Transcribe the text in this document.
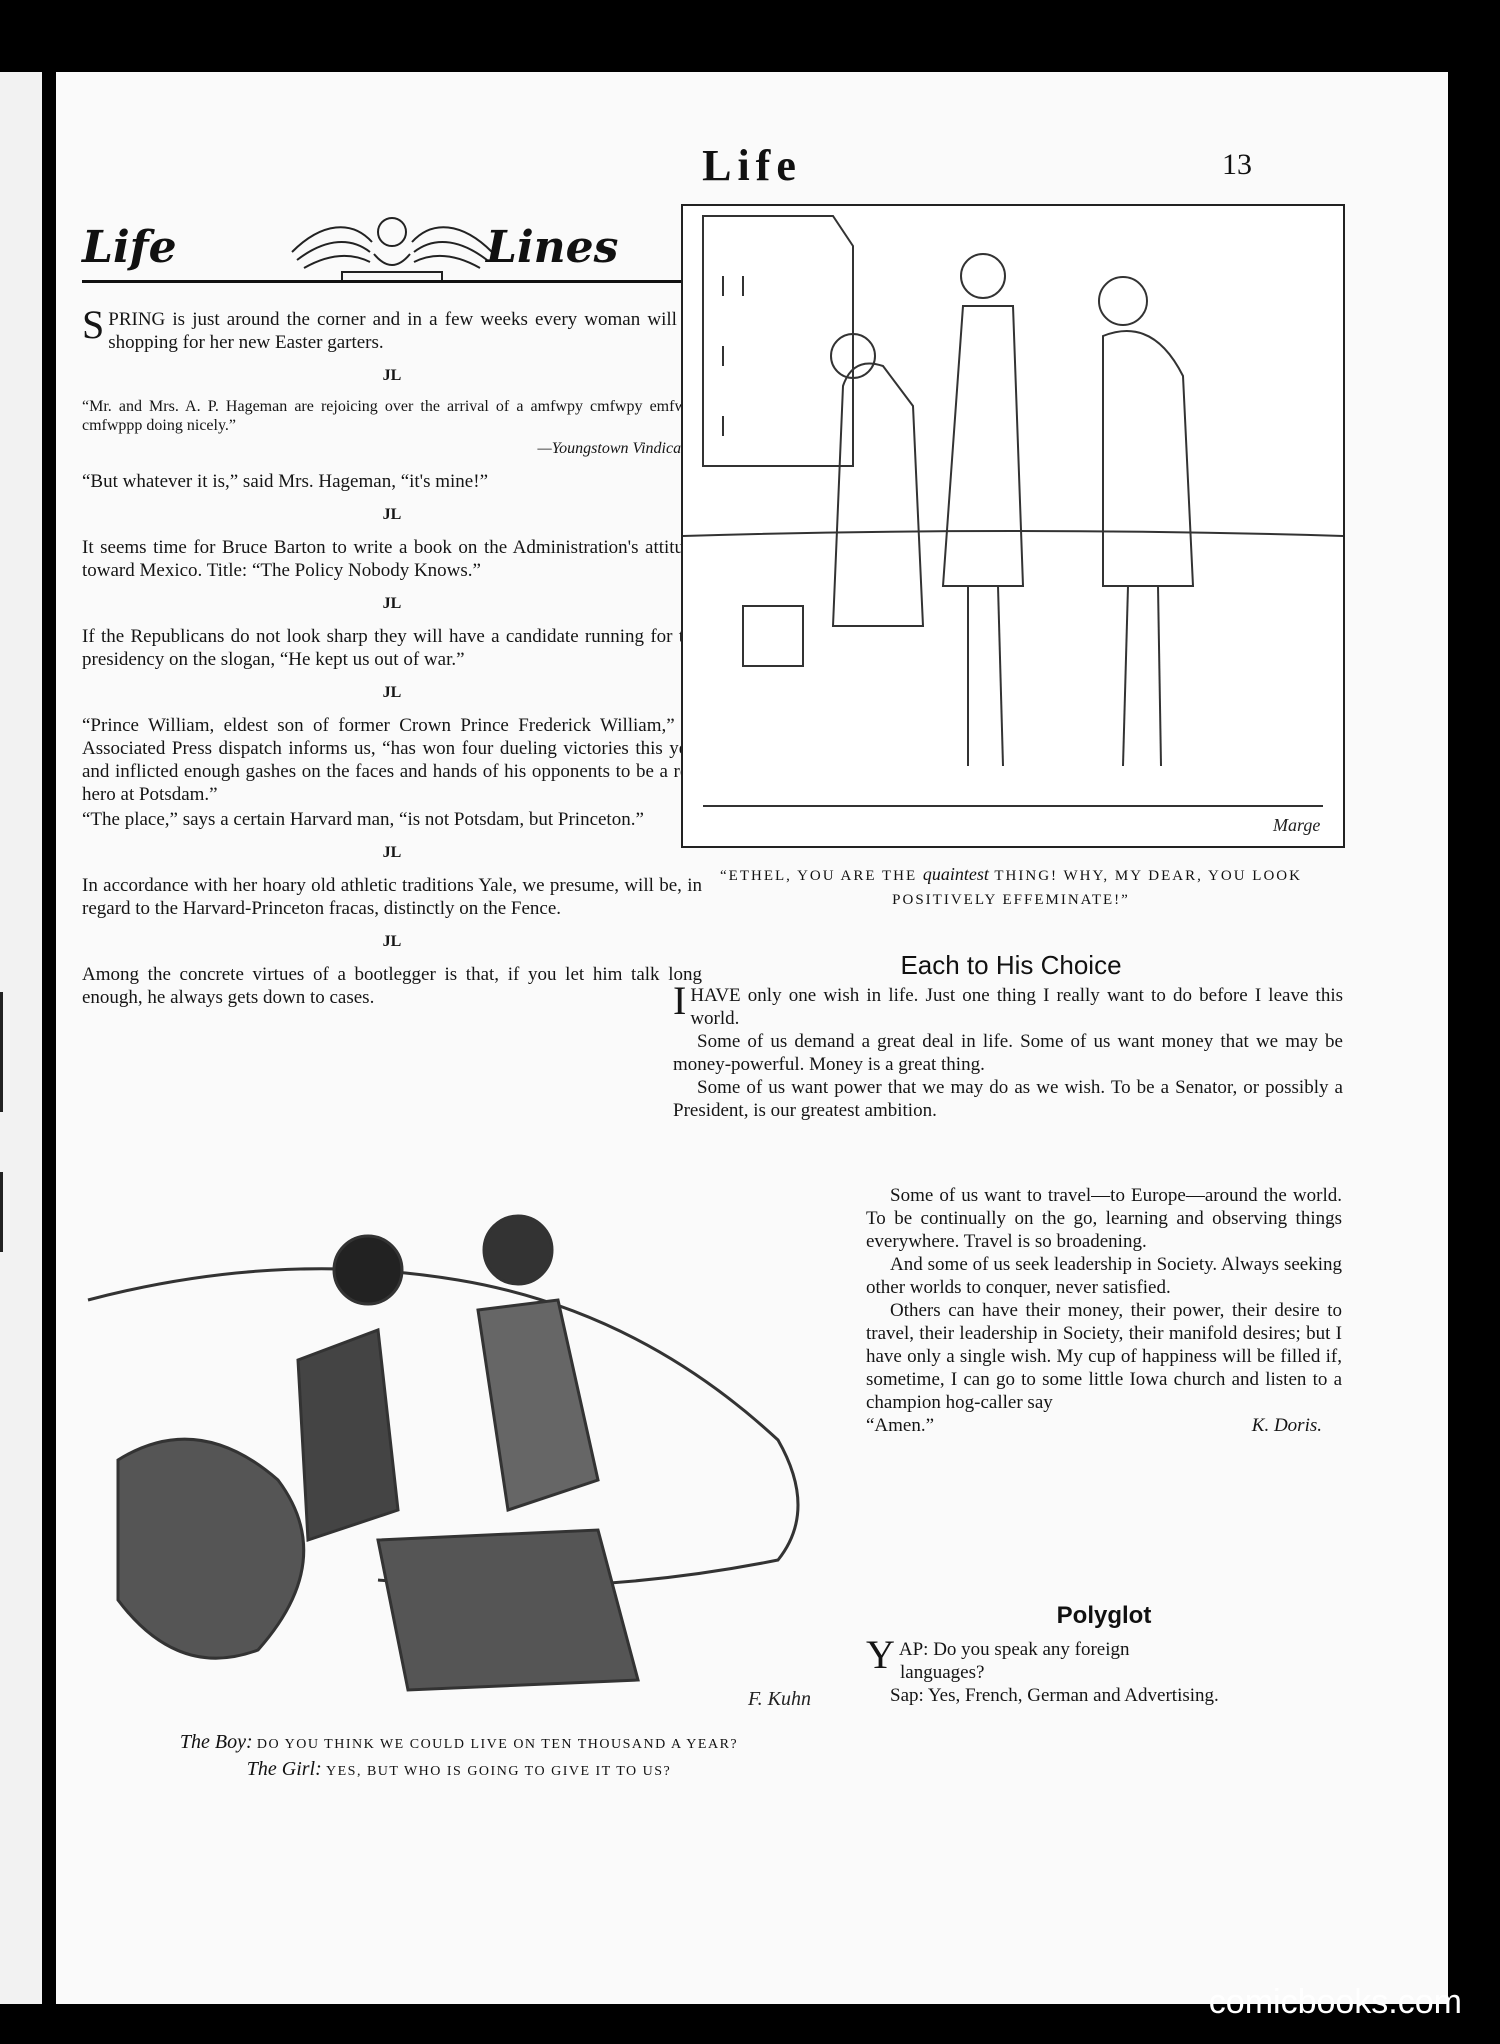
Life	13
Life	Lines

SPRING is just around the corner and in a few weeks every woman will be shopping for her new Easter garters.

JL

“Mr. and Mrs. A. P. Hageman are rejoicing over the arrival of a amfwpy cmfwpy emfwpy cmfwppp doing nicely.”

—Youngstown Vindicator.

“But whatever it is,” said Mrs. Hageman, “it's mine!”

JL

It seems time for Bruce Barton to write a book on the Administration's attitude toward Mexico. Title: “The Policy Nobody Knows.”

JL

If the Republicans do not look sharp they will have a candidate running for the presidency on the slogan, “He kept us out of war.”

JL

“Prince William, eldest son of former Crown Prince Frederick William,” an Associated Press dispatch informs us, “has won four dueling victories this year and inflicted enough gashes on the faces and hands of his opponents to be a real hero at Potsdam.”

“The place,” says a certain Harvard man, “is not Potsdam, but Princeton.”

JL

In accordance with her hoary old athletic traditions Yale, we presume, will be, in regard to the Harvard-Princeton fracas, distinctly on the Fence.

JL

Among the concrete virtues of a bootlegger is that, if you let him talk long enough, he always gets down to cases.

Marge
“ETHEL, YOU ARE THE quaintest THING! WHY, MY DEAR, YOU LOOK POSITIVELY EFFEMINATE!”
Each to His Choice

IHAVE only one wish in life. Just one thing I really want to do before I leave this world.

Some of us demand a great deal in life. Some of us want money that we may be money-powerful. Money is a great thing.

Some of us want power that we may do as we wish. To be a Senator, or possibly a President, is our greatest ambition.

Some of us want to travel—to Europe—around the world. To be continually on the go, learning and observing things everywhere. Travel is so broadening.

And some of us seek leadership in Society. Always seeking other worlds to conquer, never satisfied.

Others can have their money, their power, their desire to travel, their leadership in Society, their manifold desires; but I have only a single wish. My cup of happiness will be filled if, sometime, I can go to some little Iowa church and listen to a champion hog-caller say

“Amen.”	K. Doris.
Polyglot

YAP: Do you speak any foreign

languages?

Sap: Yes, French, German and Advertising.

F. Kuhn
The Boy: DO YOU THINK WE COULD LIVE ON TEN THOUSAND A YEAR?
The Girl: YES, BUT WHO IS GOING TO GIVE IT TO US?
comicbooks.com
